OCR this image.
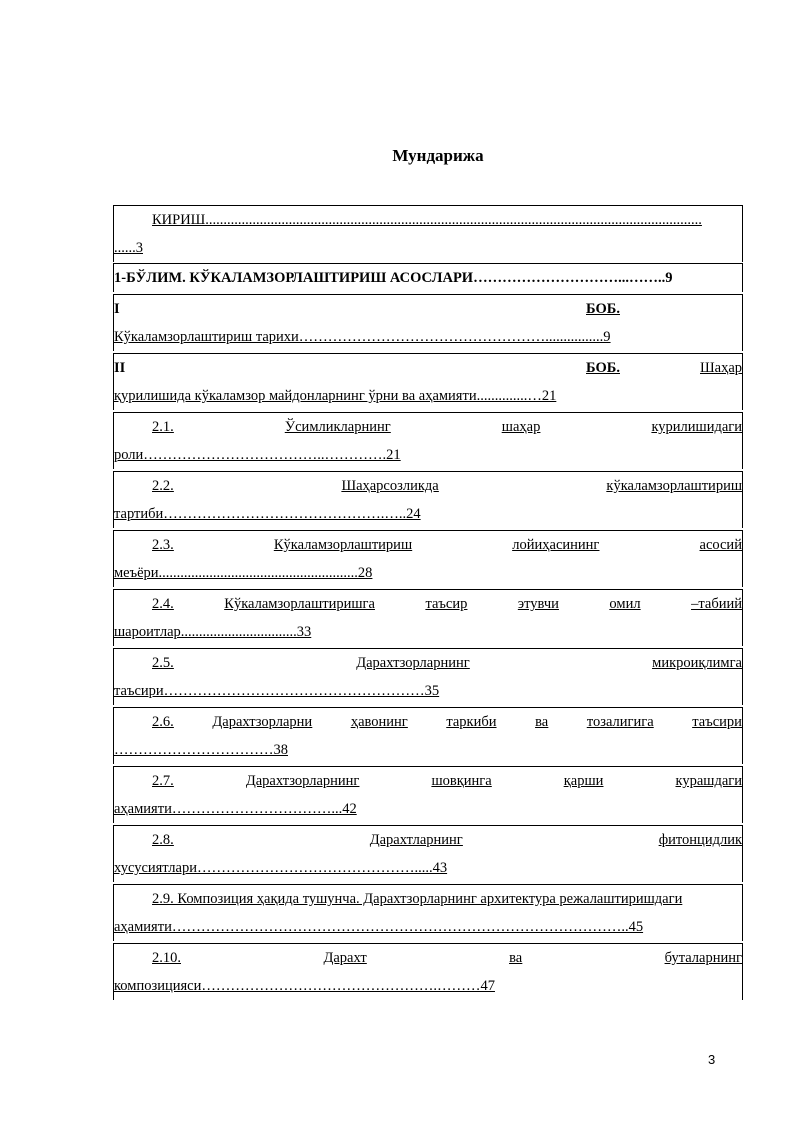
Мундарижа
КИРИШ.........................................................................................................................................
......3
1-БЎЛИМ. КЎКАЛАМЗОРЛАШТИРИШ АСОСЛАРИ…………………………...……..9
I	БОБ.
Кўкаламзорлаштириш тарихи……………………………………………................9
II	БОБ.	Шаҳар
қурилишида кўкаламзор майдонларнинг ўрни ва аҳамияти..............…21
2.1.	Ўсимликларнинг	шаҳар	курилишидаги
роли………………………………..………….21
2.2.	Шаҳарсозликда	кўкаламзорлаштириш
тартиби……………………………………….…..24
2.3.	Кўкаламзорлаштириш	лойиҳасининг	асосий
меъёри.......................................................28
2.4.	Кўкаламзорлаштиришга	таъсир	этувчи	омил	–табиий
шароитлар................................33
2.5.	Дарахтзорларнинг	микроиқлимга
таъсири………………………………………………35
2.6.	Дарахтзорларни	ҳавонинг	таркиби	ва	тозалигига	таъсири
……………………………38
2.7.	Дарахтзорларнинг	шовқинга	қарши	курашдаги
аҳамияти……………………………...42
2.8.	Дарахтларнинг	фитонцидлик
хусусиятлари……………………………………….....43
2.9. Композиция ҳақида тушунча. Дарахтзорларнинг архитектура режалаштиришдаги
аҳамияти…………………………………………………………………………………..45
2.10.	Дарахт	ва	буталарнинг
композицияси………………………………………….………47
3
